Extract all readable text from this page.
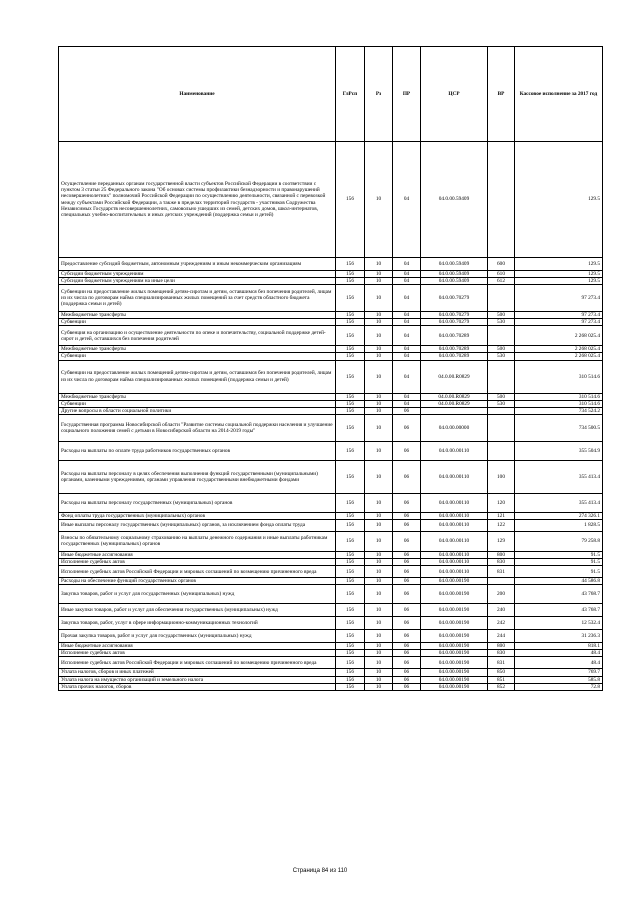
Наименование	ГлРсп	Рз	ПР	ЦСР	ВР	Кассовое исполнение за 2017 год
Осуществление переданных органам государственной власти субъектов Российской Федерации в соответствии с пунктом 3 статьи 25 Федерального закона "Об основах системы профилактики безнадзорности и правонарушений несовершеннолетних" полномочий Российской Федерации по осуществлению деятельности, связанной с перевозкой между субъектами Российской Федерации, а также в пределах территорий государств - участников Содружества Независимых Государств несовершеннолетних, самовольно ушедших из семей, детских домов, школ-интернатов, специальных учебно-воспитательных и иных детских учреждений (поддержка семьи и детей)	156	10	04	04.0.00.59409		129.5
Предоставление субсидий бюджетным, автономным учреждениям и иным некоммерческим организациям	156	10	04	04.0.00.59409	600	129.5
Субсидии бюджетным учреждениям	156	10	04	04.0.00.59409	610	129.5
Субсидии бюджетным учреждениям на иные цели	156	10	04	04.0.00.59409	612	129.5
Субвенции на предоставление жилых помещений детям-сиротам и детям, оставшимся без попечения родителей, лицам из их числа по договорам найма специализированных жилых помещений за счет средств областного бюджета (поддержка семьи и детей)	156	10	04	04.0.00.70279		97 273.4
Межбюджетные трансферты	156	10	04	04.0.00.70279	500	97 273.4
Субвенции	156	10	04	04.0.00.70279	530	97 273.4
Субвенция на организацию и осуществление деятельности по опеке и попечительству, социальной поддержке детей-сирот и детей, оставшихся без попечения родителей	156	10	04	04.0.00.70289		2 268 025.4
Межбюджетные трансферты	156	10	04	04.0.00.70289	500	2 268 025.4
Субвенции	156	10	04	04.0.00.70289	530	2 268 025.4
Субвенции на предоставление жилых помещений детям-сиротам и детям, оставшимся без попечения родителей, лицам из их числа по договорам найма специализированных жилых помещений (поддержка семьи и детей)	156	10	04	04.0.00.R0829		310 514.6
Межбюджетные трансферты	156	10	04	04.0.00.R0829	500	310 514.6
Субвенции	156	10	04	04.0.00.R0829	530	310 514.6
Другие вопросы в области социальной политики	156	10	06			734 524.2
Государственная программа Новосибирской области "Развитие системы социальной поддержки населения и улучшение социального положения семей с детьми в Новосибирской области на 2014-2019 годы"	156	10	06	04.0.00.00000		734 500.5
Расходы на выплаты по оплате труда работников государственных органов	156	10	06	04.0.00.00110		355 504.9
Расходы на выплаты персоналу в целях обеспечения выполнения функций государственными (муниципальными) органами, казенными учреждениями, органами управления государственными внебюджетными фондами	156	10	06	04.0.00.00110	100	355 413.4
Расходы на выплаты персоналу государственных (муниципальных) органов	156	10	06	04.0.00.00110	120	355 413.4
Фонд оплаты труда государственных (муниципальных) органов	156	10	06	04.0.00.00110	121	274 326.1
Иные выплаты персоналу государственных (муниципальных) органов, за исключением фонда оплаты труда	156	10	06	04.0.00.00110	122	1 828.5
Взносы по обязательному социальному страхованию на выплаты денежного содержания и иные выплаты работникам государственных (муниципальных) органов	156	10	06	04.0.00.00110	129	79 258.8
Иные бюджетные ассигнования	156	10	06	04.0.00.00110	800	91.5
Исполнение судебных актов	156	10	06	04.0.00.00110	830	91.5
Исполнение судебных актов Российской Федерации и мировых соглашений по возмещению причиненного вреда	156	10	06	04.0.00.00110	831	91.5
Расходы на обеспечение функций государственных органов	156	10	06	04.0.00.00190		44 586.8
Закупка товаров, работ и услуг для государственных (муниципальных) нужд	156	10	06	04.0.00.00190	200	43 768.7
Иные закупки товаров, работ и услуг для обеспечения государственных (муниципальных) нужд	156	10	06	04.0.00.00190	240	43 768.7
Закупка товаров, работ, услуг в сфере информационно-коммуникационных технологий	156	10	06	04.0.00.00190	242	12 532.4
Прочая закупка товаров, работ и услуг для государственных (муниципальных) нужд	156	10	06	04.0.00.00190	244	31 236.3
Иные бюджетные ассигнования	156	10	06	04.0.00.00190	800	818.1
Исполнение судебных актов	156	10	06	04.0.00.00190	830	48.4
Исполнение судебных актов Российской Федерации и мировых соглашений по возмещению причиненного вреда	156	10	06	04.0.00.00190	831	48.4
Уплата налогов, сборов и иных платежей	156	10	06	04.0.00.00190	850	769.7
Уплата налога на имущество организаций и земельного налога	156	10	06	04.0.00.00190	851	585.8
Уплата прочих налогов, сборов	156	10	06	04.0.00.00190	852	72.8
Страница 84 из 110
